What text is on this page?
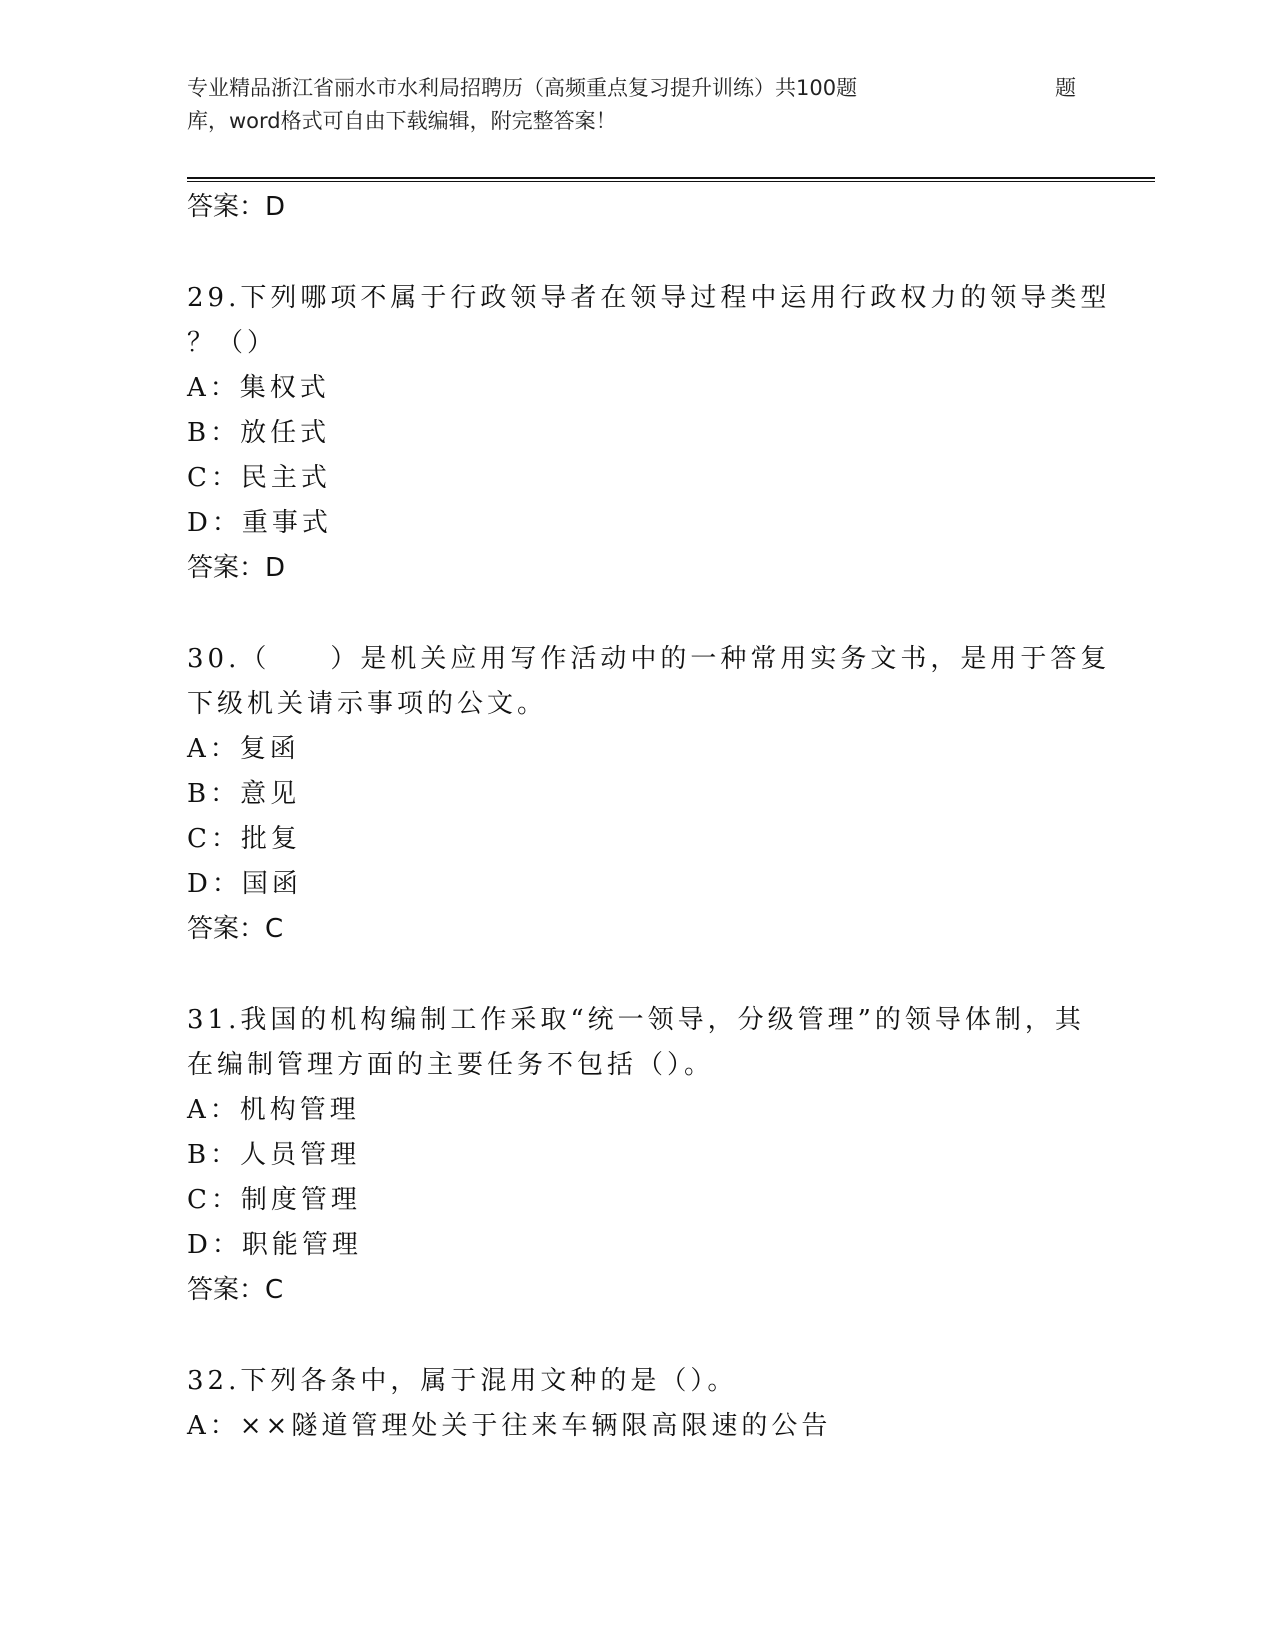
专业精品浙江省丽水市水利局招聘历（高频重点复习提升训练）共100题	题
库，word格式可自由下载编辑，附完整答案！
答案：D
29.下列哪项不属于行政领导者在领导过程中运用行政权力的领导类型
？（）
A：集权式
B：放任式
C：民主式
D：重事式
答案：D
30.（　　）是机关应用写作活动中的一种常用实务文书，是用于答复
下级机关请示事项的公文。
A：复函
B：意见
C：批复
D：国函
答案：C
31.我国的机构编制工作采取“统一领导，分级管理”的领导体制，其
在编制管理方面的主要任务不包括（）。
A：机构管理
B：人员管理
C：制度管理
D：职能管理
答案：C
32.下列各条中，属于混用文种的是（）。
A：××隧道管理处关于往来车辆限高限速的公告
